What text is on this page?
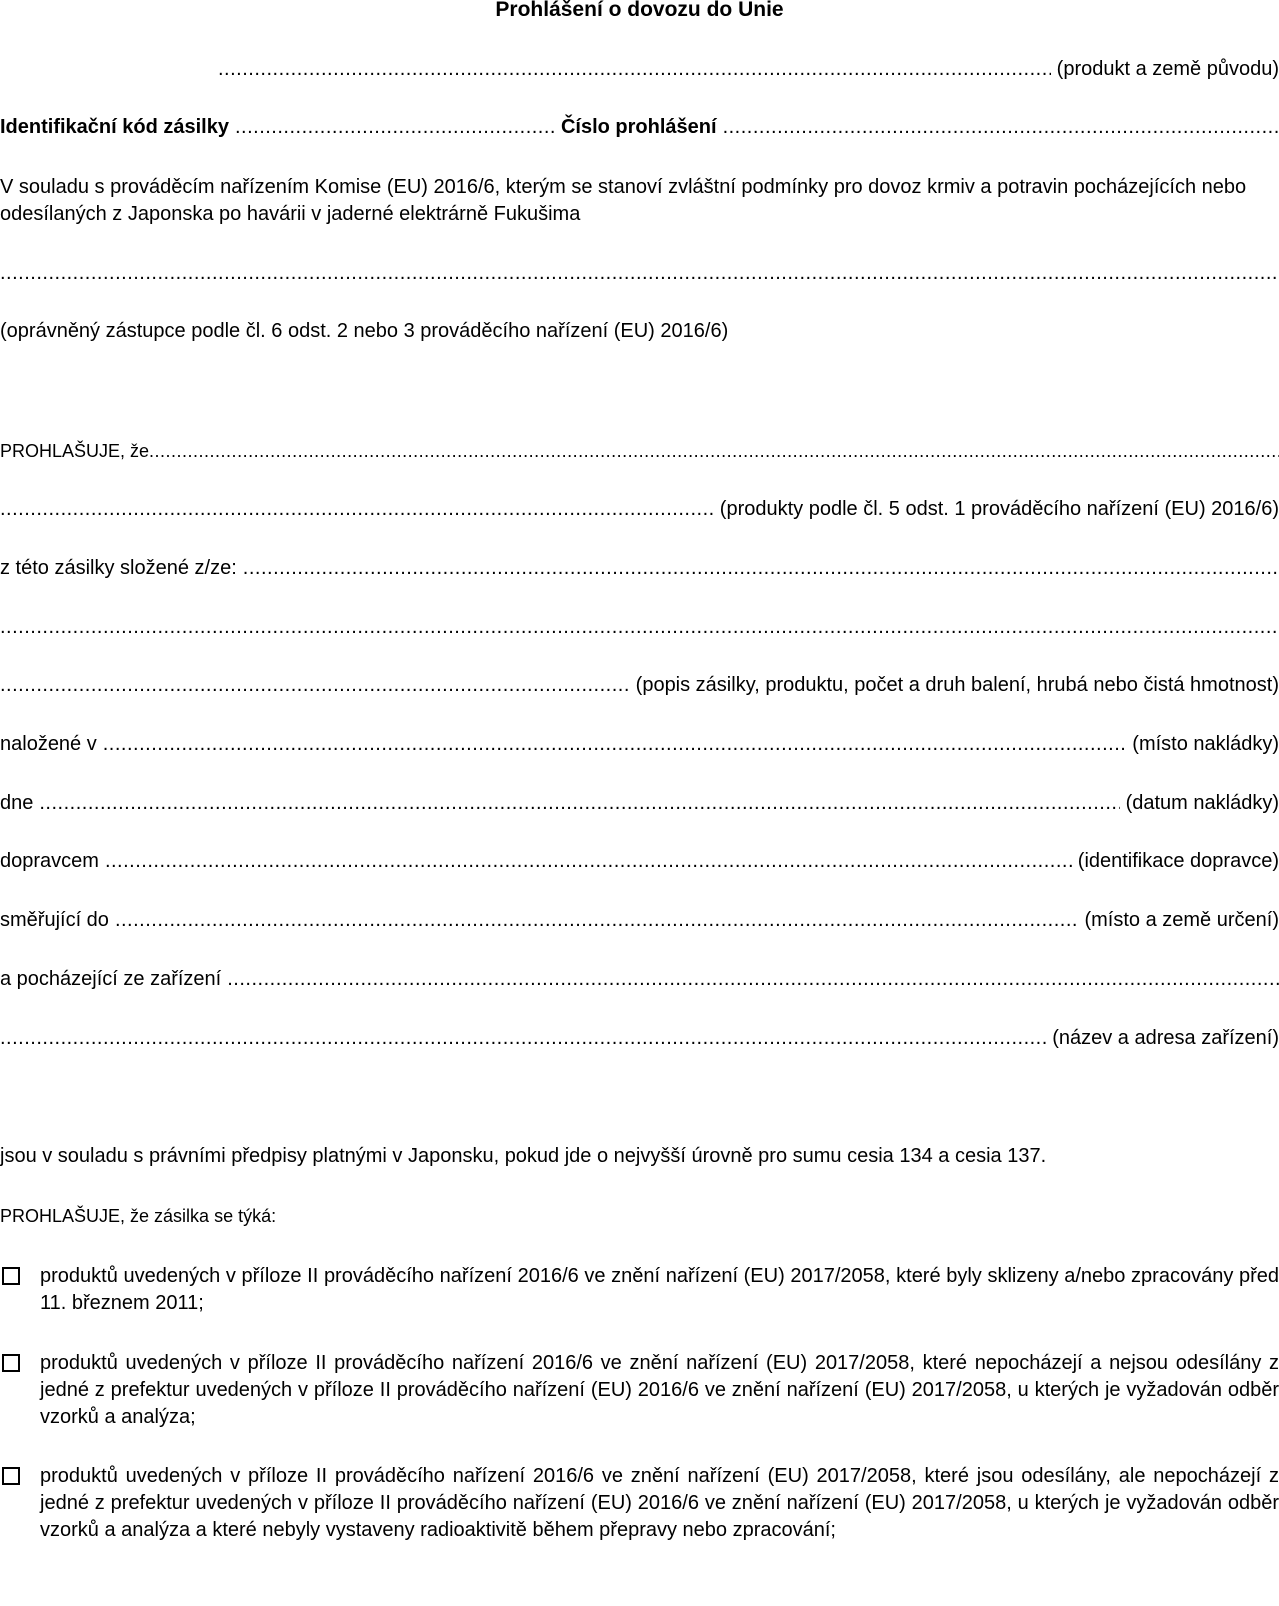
Prohlášení o dovozu do Unie
.....
(produkt a země původu)
Identifikační kód zásilky .....	Číslo prohlášení
.....
V souladu s prováděcím nařízením Komise (EU) 2016/6, kterým se stanoví zvláštní podmínky pro dovoz krmiv a potravin pocházejících nebo odesílaných z Japonska po havárii v jaderné elektrárně Fukušima
.....
(oprávněný zástupce podle čl. 6 odst. 2 nebo 3 prováděcího nařízení (EU) 2016/6)
PROHLAŠUJE, že
.....
.....
(produkty podle čl. 5 odst. 1 prováděcího nařízení (EU) 2016/6)
z této zásilky složené z/ze:
.....
.....
.....
(popis zásilky, produktu, počet a druh balení, hrubá nebo čistá hmotnost)
naložené v .....	(místo nakládky)
dne .....	(datum nakládky)
dopravcem .....	(identifikace dopravce)
směřující do .....	(místo a země určení)
a pocházející ze zařízení
.....
.....
(název a adresa zařízení)
jsou v souladu s právními předpisy platnými v Japonsku, pokud jde o nejvyšší úrovně pro sumu cesia 134 a cesia 137.
PROHLAŠUJE, že zásilka se týká:
produktů uvedených v příloze II prováděcího nařízení 2016/6 ve znění nařízení (EU) 2017/2058, které byly sklizeny a/nebo zpracovány před 11. březnem 2011;
produktů uvedených v příloze II prováděcího nařízení 2016/6 ve znění nařízení (EU) 2017/2058, které nepocházejí a nejsou odesílány z jedné z prefektur uvedených v příloze II prováděcího nařízení (EU) 2016/6 ve znění nařízení (EU) 2017/2058, u kterých je vyžadován odběr vzorků a analýza;
produktů uvedených v příloze II prováděcího nařízení 2016/6 ve znění nařízení (EU) 2017/2058, které jsou odesílány, ale nepocházejí z jedné z prefektur uvedených v příloze II prováděcího nařízení (EU) 2016/6 ve znění nařízení (EU) 2017/2058, u kterých je vyžadován odběr vzorků a analýza a které nebyly vystaveny radioaktivitě během přepravy nebo zpracování;
